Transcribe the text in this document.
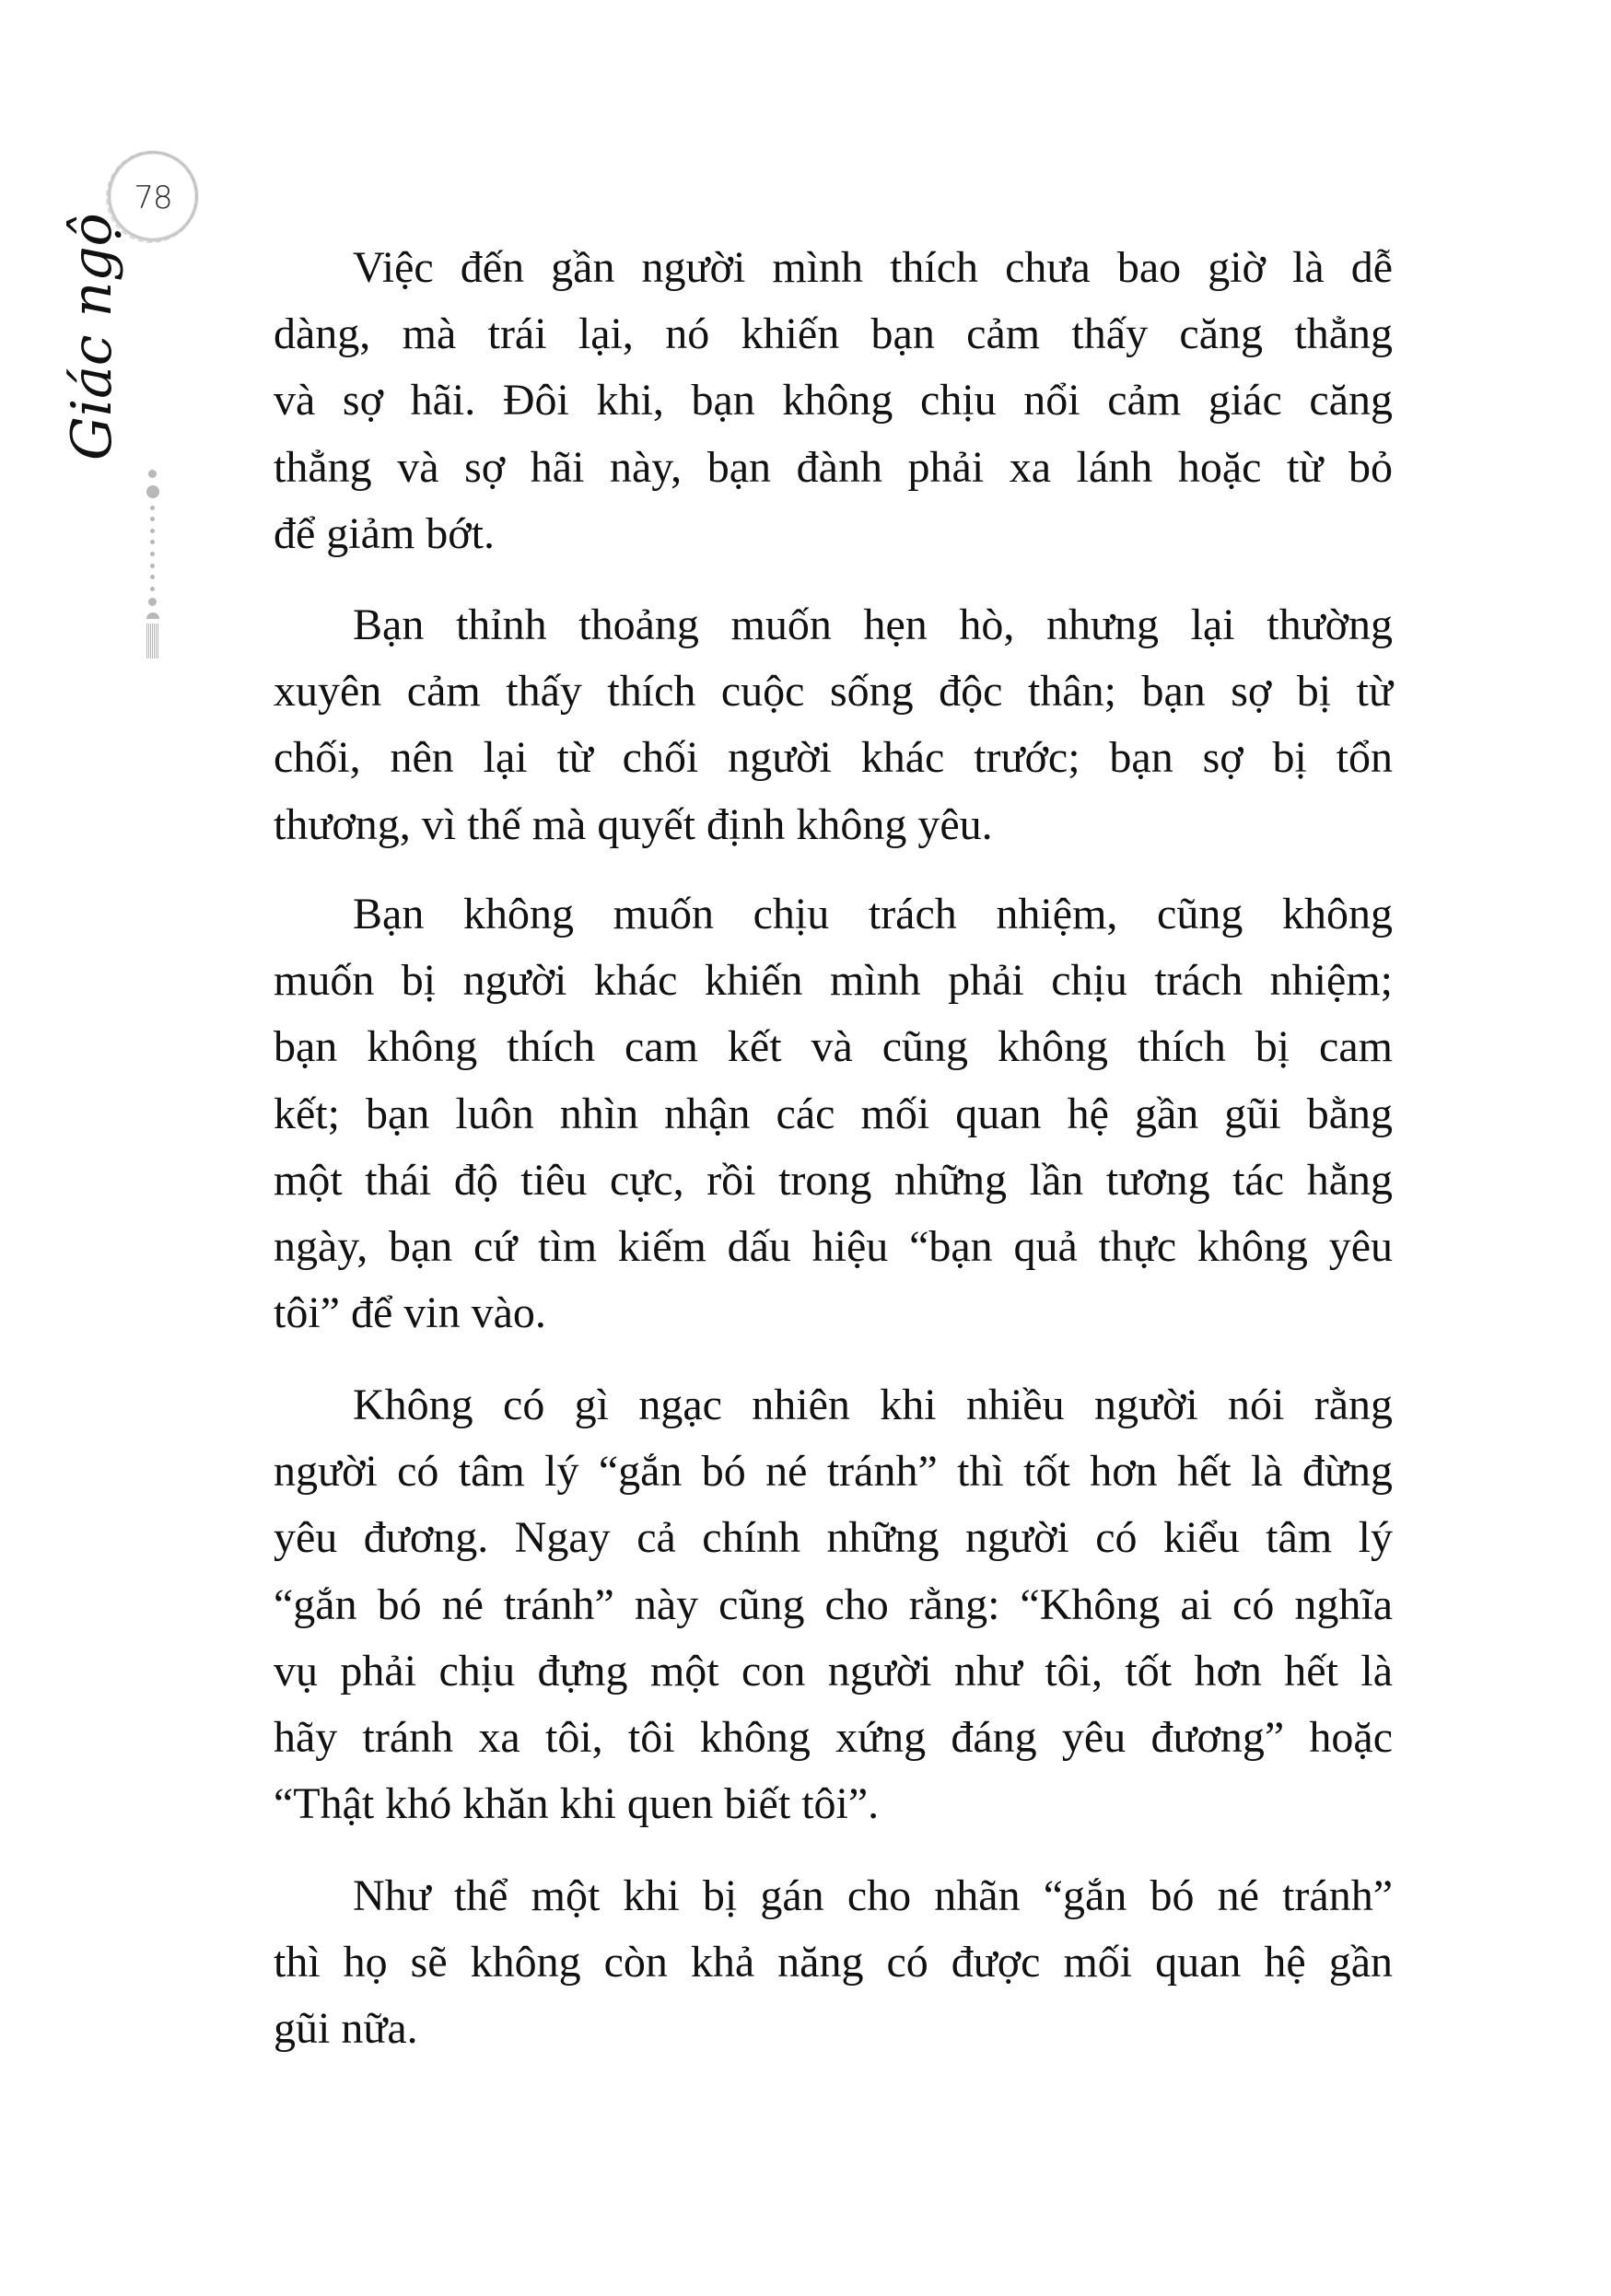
78
Giác ngộ	Việc đến gần người mình thích chưa bao giờ là dễ
dàng, mà trái lại, nó khiến bạn cảm thấy căng thẳng
và sợ hãi. Đôi khi, bạn không chịu nổi cảm giác căng
thẳng và sợ hãi này, bạn đành phải xa lánh hoặc từ bỏ
để giảm bớt.
Bạn thỉnh thoảng muốn hẹn hò, nhưng lại thường
xuyên cảm thấy thích cuộc sống độc thân; bạn sợ bị từ
chối, nên lại từ chối người khác trước; bạn sợ bị tổn
thương, vì thế mà quyết định không yêu.
Bạn không muốn chịu trách nhiệm, cũng không
muốn bị người khác khiến mình phải chịu trách nhiệm;
bạn không thích cam kết và cũng không thích bị cam
kết; bạn luôn nhìn nhận các mối quan hệ gần gũi bằng
một thái độ tiêu cực, rồi trong những lần tương tác hằng
ngày, bạn cứ tìm kiếm dấu hiệu “bạn quả thực không yêu
tôi” để vin vào.
Không có gì ngạc nhiên khi nhiều người nói rằng
người có tâm lý “gắn bó né tránh” thì tốt hơn hết là đừng
yêu đương. Ngay cả chính những người có kiểu tâm lý
“gắn bó né tránh” này cũng cho rằng: “Không ai có nghĩa
vụ phải chịu đựng một con người như tôi, tốt hơn hết là
hãy tránh xa tôi, tôi không xứng đáng yêu đương” hoặc
“Thật khó khăn khi quen biết tôi”.
Như thể một khi bị gán cho nhãn “gắn bó né tránh”
thì họ sẽ không còn khả năng có được mối quan hệ gần
gũi nữa.
